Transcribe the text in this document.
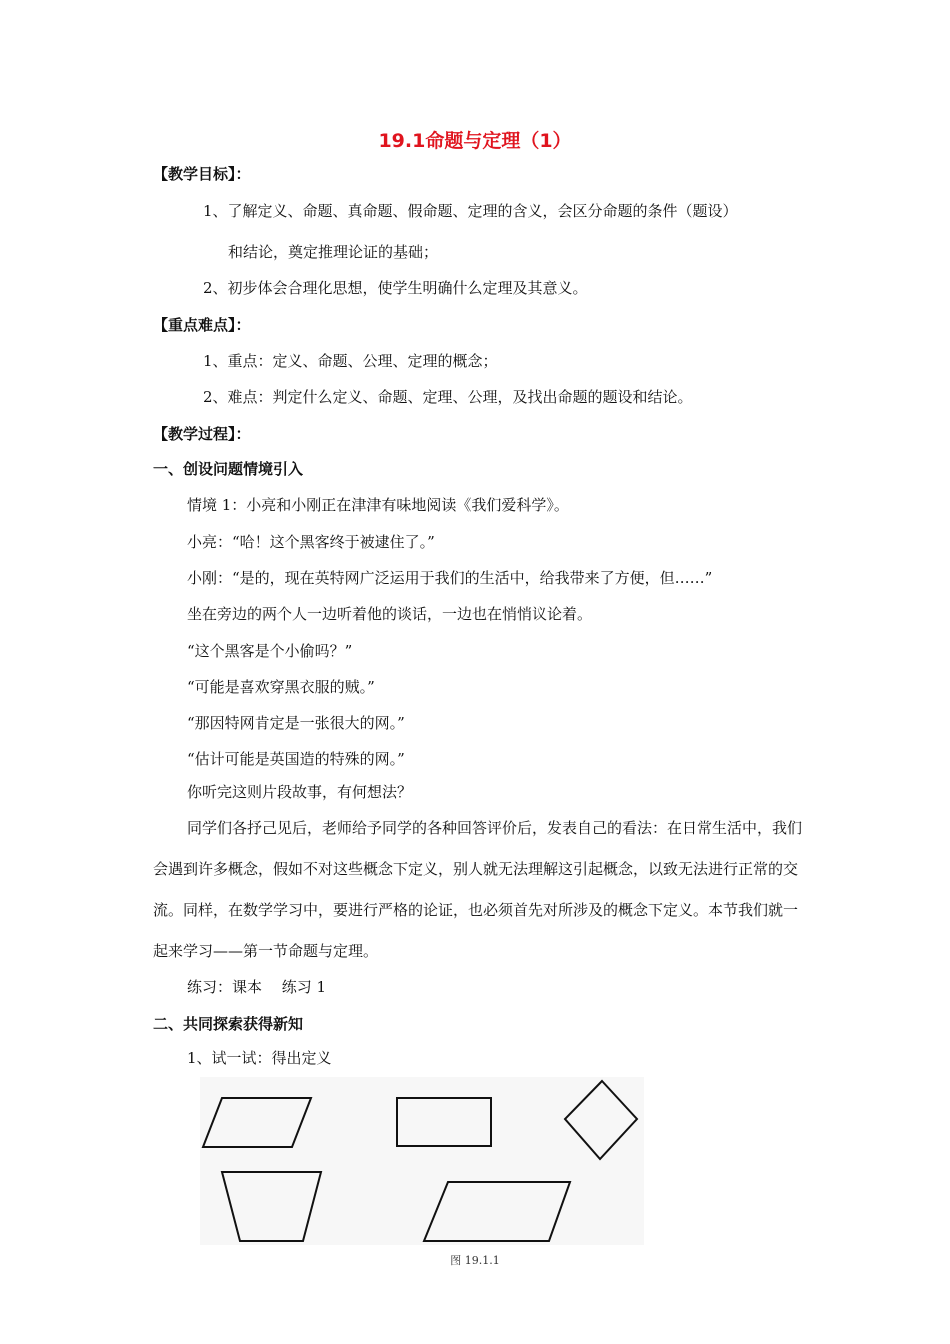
19.1命题与定理（1）
【教学目标】：
1、了解定义、命题、真命题、假命题、定理的含义，会区分命题的条件（题设）
和结论，奠定推理论证的基础；
2、初步体会合理化思想，使学生明确什么定理及其意义。
【重点难点】：
1、重点：定义、命题、公理、定理的概念；
2、难点：判定什么定义、命题、定理、公理，及找出命题的题设和结论。
【教学过程】：
一、创设问题情境引入
情境 1：小亮和小刚正在津津有味地阅读《我们爱科学》。
小亮：“哈！这个黑客终于被逮住了。”
小刚：“是的，现在英特网广泛运用于我们的生活中，给我带来了方便，但……”
坐在旁边的两个人一边听着他的谈话，一边也在悄悄议论着。
“这个黑客是个小偷吗？”
“可能是喜欢穿黑衣服的贼。”
“那因特网肯定是一张很大的网。”
“估计可能是英国造的特殊的网。”
你听完这则片段故事，有何想法？
同学们各抒己见后，老师给予同学的各种回答评价后，发表自己的看法：在日常生活中，我们会遇到许多概念，假如不对这些概念下定义，别人就无法理解这引起概念，以致无法进行正常的交流。同样，在数学学习中，要进行严格的论证，也必须首先对所涉及的概念下定义。本节我们就一起来学习——第一节命题与定理。
练习：课本　 练习 1
二、共同探索获得新知
1、试一试：得出定义
图 19.1.1
